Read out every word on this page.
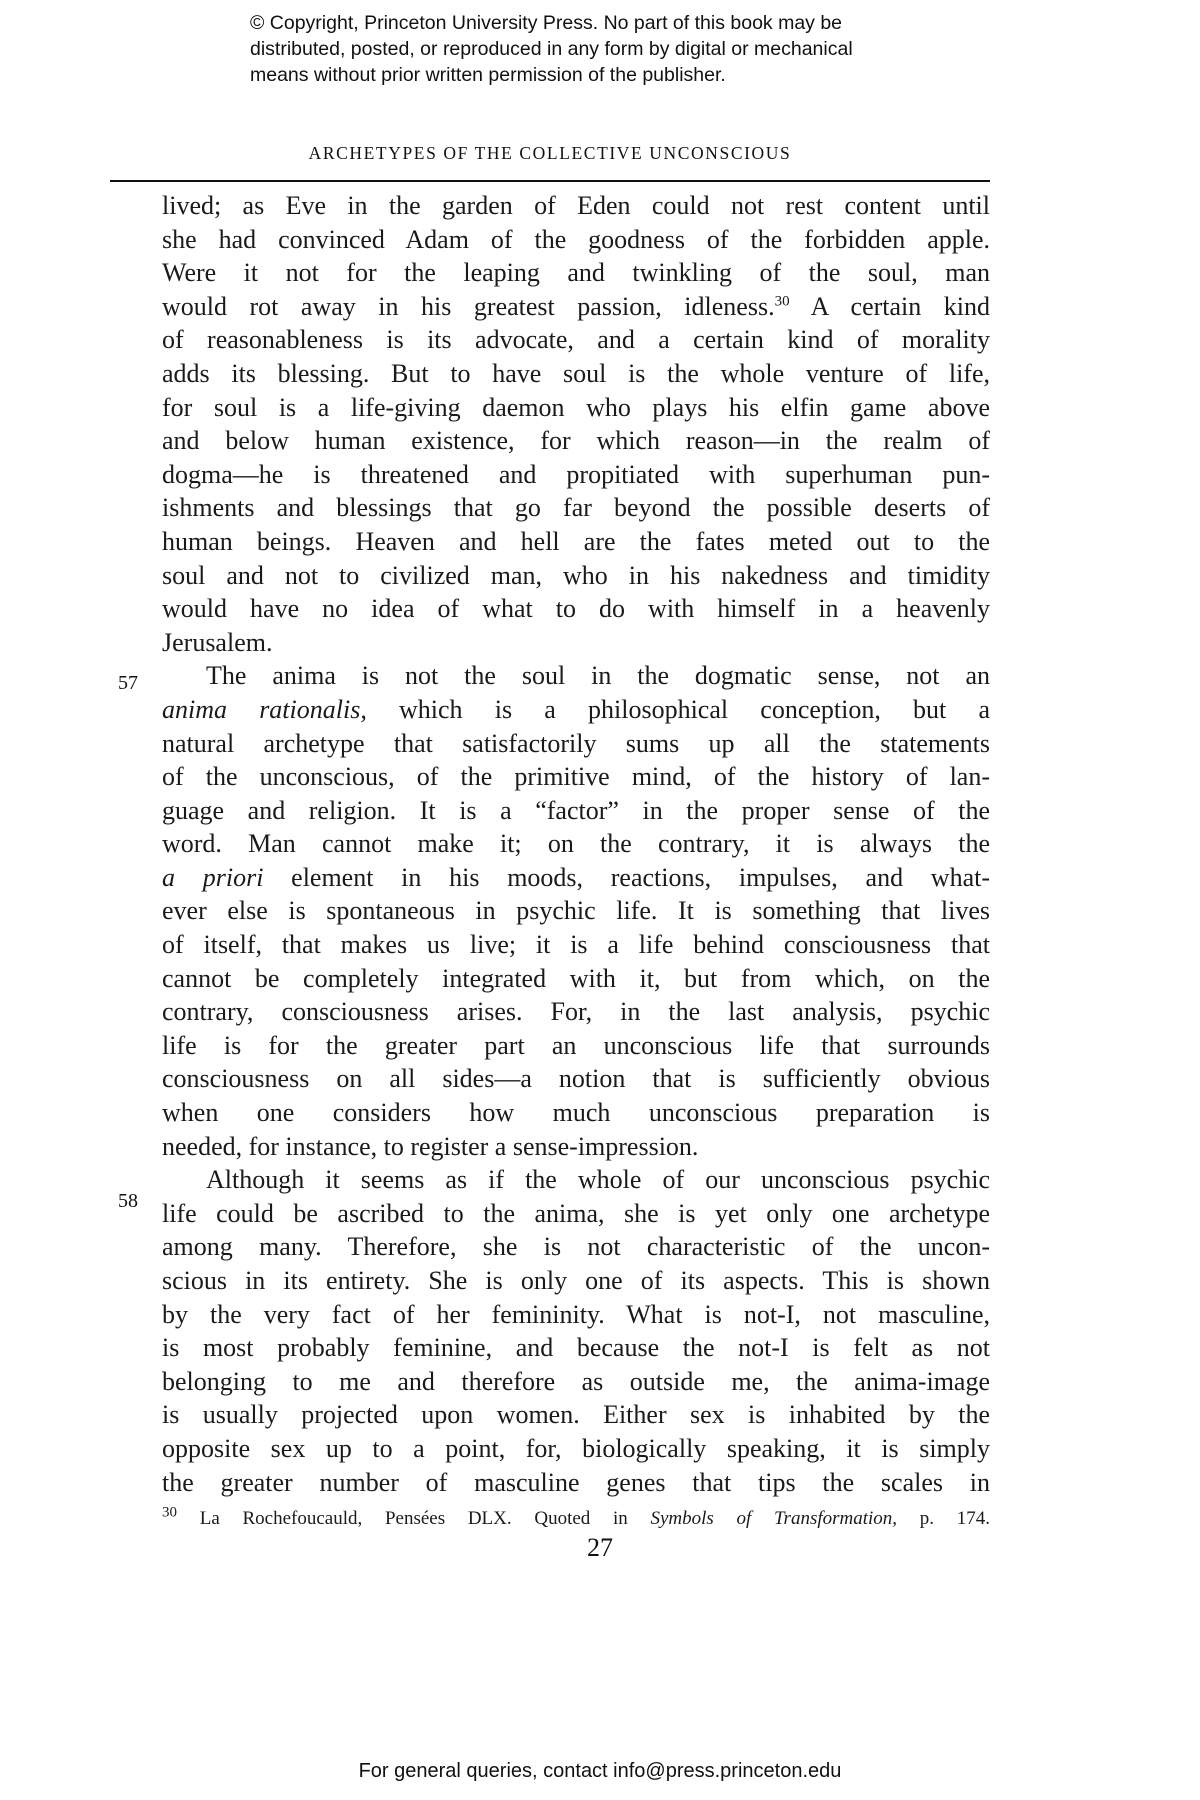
© Copyright, Princeton University Press. No part of this book may be
distributed, posted, or reproduced in any form by digital or mechanical
means without prior written permission of the publisher.
ARCHETYPES OF THE COLLECTIVE UNCONSCIOUS
57
58
lived; as Eve in the garden of Eden could not rest content until
she had convinced Adam of the goodness of the forbidden apple.
Were it not for the leaping and twinkling of the soul, man
would rot away in his greatest passion, idleness.$^{30}$ A certain kind
of reasonableness is its advocate, and a certain kind of morality
adds its blessing. But to have soul is the whole venture of life,
for soul is a life-giving daemon who plays his elfin game above
and below human existence, for which reason—in the realm of
dogma—he is threatened and propitiated with superhuman pun-
ishments and blessings that go far beyond the possible deserts of
human beings. Heaven and hell are the fates meted out to the
soul and not to civilized man, who in his nakedness and timidity
would have no idea of what to do with himself in a heavenly
Jerusalem.
The anima is not the soul in the dogmatic sense, not an
anima rationalis, which is a philosophical conception, but a
natural archetype that satisfactorily sums up all the statements
of the unconscious, of the primitive mind, of the history of lan-
guage and religion. It is a “factor” in the proper sense of the
word. Man cannot make it; on the contrary, it is always the
a priori element in his moods, reactions, impulses, and what-
ever else is spontaneous in psychic life. It is something that lives
of itself, that makes us live; it is a life behind consciousness that
cannot be completely integrated with it, but from which, on the
contrary, consciousness arises. For, in the last analysis, psychic
life is for the greater part an unconscious life that surrounds
consciousness on all sides—a notion that is sufficiently obvious
when one considers how much unconscious preparation is
needed, for instance, to register a sense-impression.
Although it seems as if the whole of our unconscious psychic
life could be ascribed to the anima, she is yet only one archetype
among many. Therefore, she is not characteristic of the uncon-
scious in its entirety. She is only one of its aspects. This is shown
by the very fact of her femininity. What is not-I, not masculine,
is most probably feminine, and because the not-I is felt as not
belonging to me and therefore as outside me, the anima-image
is usually projected upon women. Either sex is inhabited by the
opposite sex up to a point, for, biologically speaking, it is simply
the greater number of masculine genes that tips the scales in
$^{30}$ La Rochefoucauld, Pensées DLX. Quoted in Symbols of Transformation, p. 174.
27
For general queries, contact info@press.princeton.edu
